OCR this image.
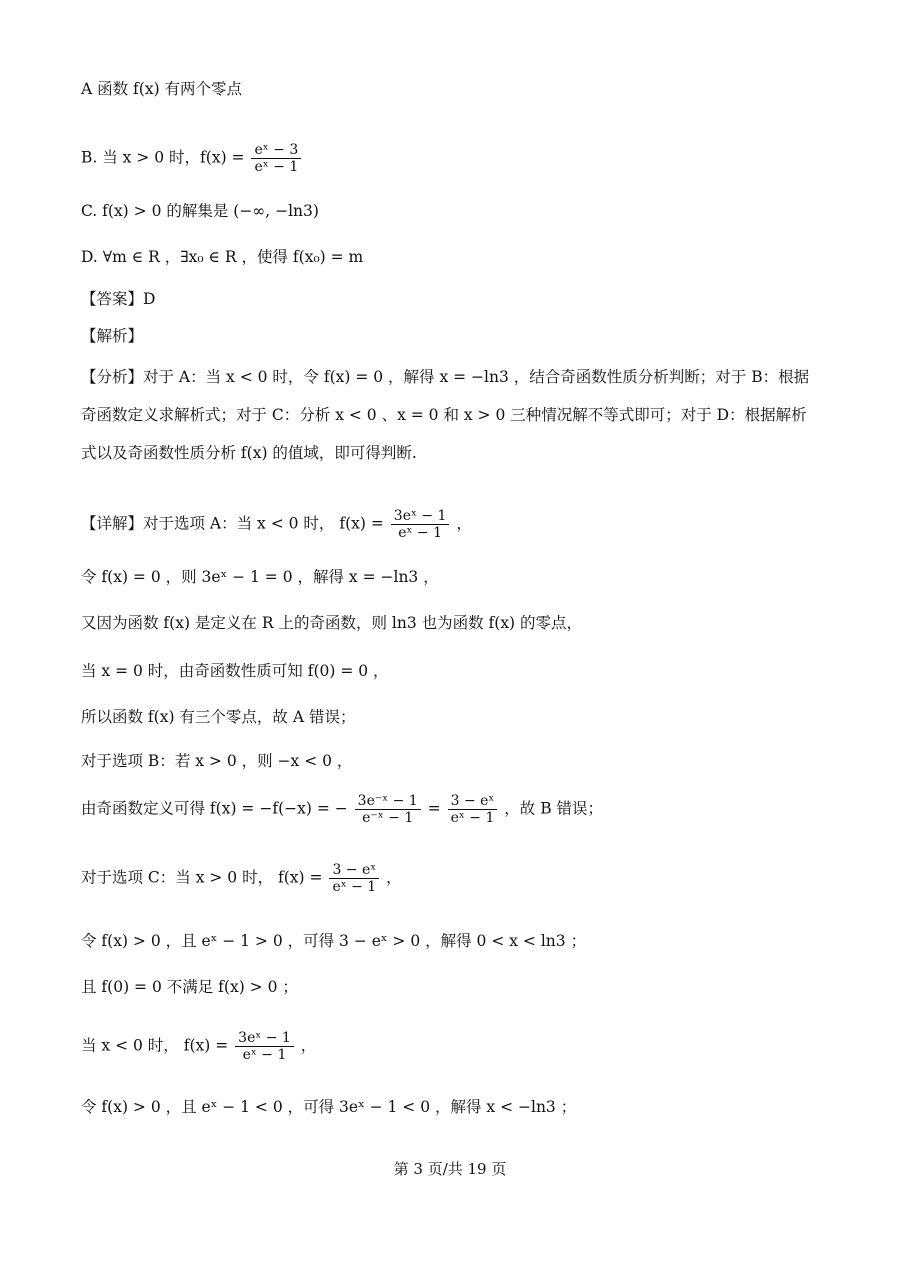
A 函数 f(x) 有两个零点
B. 当 x > 0 时，$f(x) = \frac{\text{eˣ − 3}}{\text{eˣ − 1}}$
C. f(x) > 0 的解集是 (−∞, −ln3)
D. ∀m ∈ R ，∃x₀ ∈ R ，使得 f(x₀) = m
【答案】D
【解析】
【分析】对于 A：当 x < 0 时，令 f(x) = 0 ，解得 x = −ln3 ，结合奇函数性质分析判断；对于 B：根据奇函数定义求解析式；对于 C：分析 x < 0 、x = 0 和 x > 0 三种情况解不等式即可；对于 D：根据解析式以及奇函数性质分析 f(x) 的值域，即可得判断.
【详解】对于选项 A：当 x < 0 时， $f(x) = \frac{\text{3eˣ − 1}}{\text{eˣ − 1}}$ ，
令 f(x) = 0 ，则 3eˣ − 1 = 0 ，解得 x = −ln3 ，
又因为函数 f(x) 是定义在 R 上的奇函数，则 ln3 也为函数 f(x) 的零点，
当 x = 0 时，由奇函数性质可知 f(0) = 0 ，
所以函数 f(x) 有三个零点，故 A 错误；
对于选项 B：若 x > 0 ，则 −x < 0 ，
由奇函数定义可得 f(x) = −f(−x) = − $\frac{\text{3e⁻ˣ − 1}}{\text{e⁻ˣ − 1}} = \frac{\text{3 − eˣ}}{\text{eˣ − 1}}$ ，故 B 错误；
对于选项 C：当 x > 0 时， $f(x) = \frac{\text{3 − eˣ}}{\text{eˣ − 1}}$ ，
令 f(x) > 0 ，且 eˣ − 1 > 0 ，可得 3 − eˣ > 0 ，解得 0 < x < ln3 ；
且 f(0) = 0 不满足 f(x) > 0 ；
当 x < 0 时， $f(x) = \frac{\text{3eˣ − 1}}{\text{eˣ − 1}}$ ，
令 f(x) > 0 ，且 eˣ − 1 < 0 ，可得 3eˣ − 1 < 0 ，解得 x < −ln3 ；
第 3 页/共 19 页
